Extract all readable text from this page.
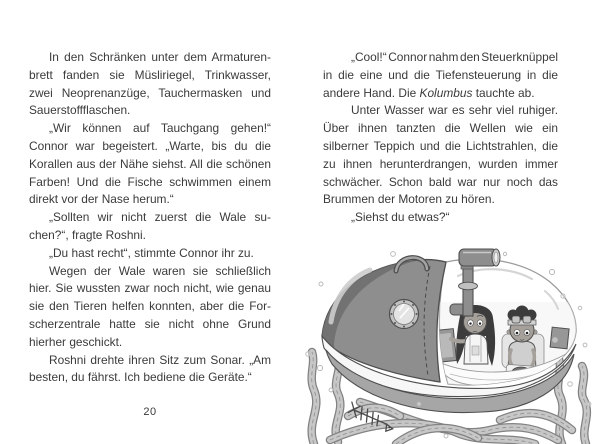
In den Schränken unter dem Armaturen-
brett fanden sie Müsliriegel, Trinkwasser,
zwei Neoprenanzüge, Tauchermasken und
Sauerstoffflaschen.
„Wir können auf Tauchgang gehen!“
Connor war begeistert. „Warte, bis du die
Korallen aus der Nähe siehst. All die schönen
Farben! Und die Fische schwimmen einem
direkt vor der Nase herum.“
„Sollten wir nicht zuerst die Wale su-
chen?“, fragte Roshni.
„Du hast recht“, stimmte Connor ihr zu.
Wegen der Wale waren sie schließlich
hier. Sie wussten zwar noch nicht, wie genau
sie den Tieren helfen konnten, aber die For-
scherzentrale hatte sie nicht ohne Grund
hierher geschickt.
Roshni drehte ihren Sitz zum Sonar. „Am
besten, du fährst. Ich bediene die Geräte.“
„Cool!“ Connor nahm den Steuerknüppel
in die eine und die Tiefensteuerung in die
andere Hand. Die Kolumbus tauchte ab.
Unter Wasser war es sehr viel ruhiger.
Über ihnen tanzten die Wellen wie ein
silberner Teppich und die Lichtstrahlen, die
zu ihnen herunterdrangen, wurden immer
schwächer. Schon bald war nur noch das
Brummen der Motoren zu hören.
„Siehst du etwas?“
20
